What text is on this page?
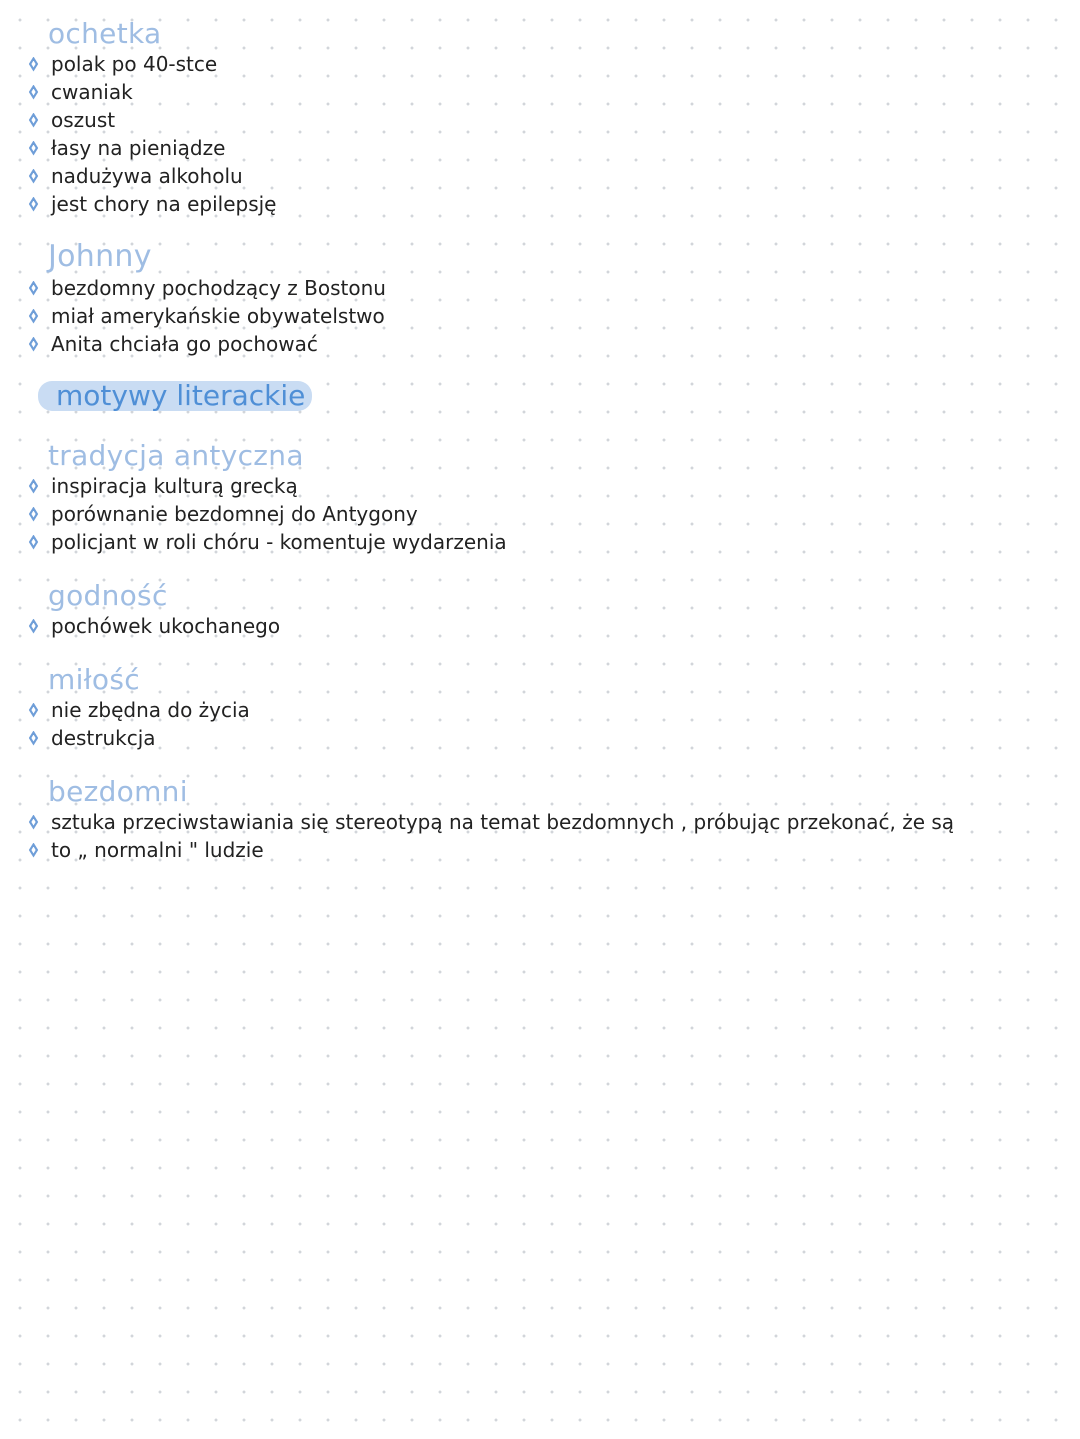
ochetka
polak po 40-stce
cwaniak
oszust
łasy na pieniądze
nadużywa alkoholu
jest chory na epilepsję
Johnny
bezdomny pochodzący z Bostonu
miał amerykańskie obywatelstwo
Anita chciała go pochować
motywy literackie
tradycja antyczna
inspiracja kulturą grecką
porównanie bezdomnej do Antygony
policjant w roli chóru - komentuje wydarzenia
godność
pochówek ukochanego
miłość
nie zbędna do życia
destrukcja
bezdomni
sztuka przeciwstawiania się stereotypą na temat bezdomnych , próbując przekonać, że są
to „ normalni " ludzie
